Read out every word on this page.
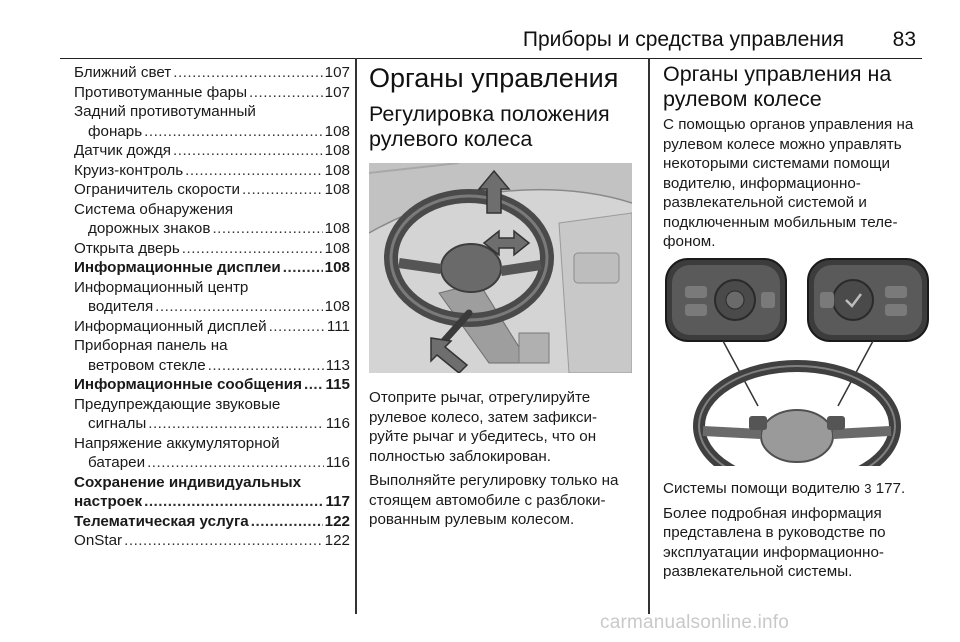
Приборы и средства управления 83
Ближний свет .....	107
Противотуманные фары .....	107
Задний противотуманный
фонарь .....	108
Датчик дождя .....	108
Круиз-контроль .....	108
Ограничитель скорости .....	108
Система обнаружения
дорожных знаков .....	108
Открыта дверь .....	108
Информационные дисплеи .....	108
Информационный центр
водителя .....	108
Информационный дисплей .....	111
Приборная панель на
ветровом стекле .....	113
Информационные сообщения ..... 115
Предупреждающие звуковые
сигналы .....	116
Напряжение аккумуляторной
батареи .....	116
Сохранение индивидуальных
настроек .....	117
Телематическая услуга .....	122
OnStar .....	122
Органы управления
Регулировка положения рулевого колеса

Отоприте рычаг, отрегулируйте рулевое колесо, затем зафикси-руйте рычаг и убедитесь, что он полностью заблокирован.

Выполняйте регулировку только на стоящем автомобиле с разблоки-рованным рулевым колесом.

Органы управления на рулевом колесе

С помощью органов управления на рулевом колесе можно управлять некоторыми системами помощи водителю, информационно-развлекательной системой и подключенным мобильным теле-фоном.

Системы помощи водителю 3 177.

Более подробная информация представлена в руководстве по эксплуатации информационно-развлекательной системы.

carmanualsonline.info
